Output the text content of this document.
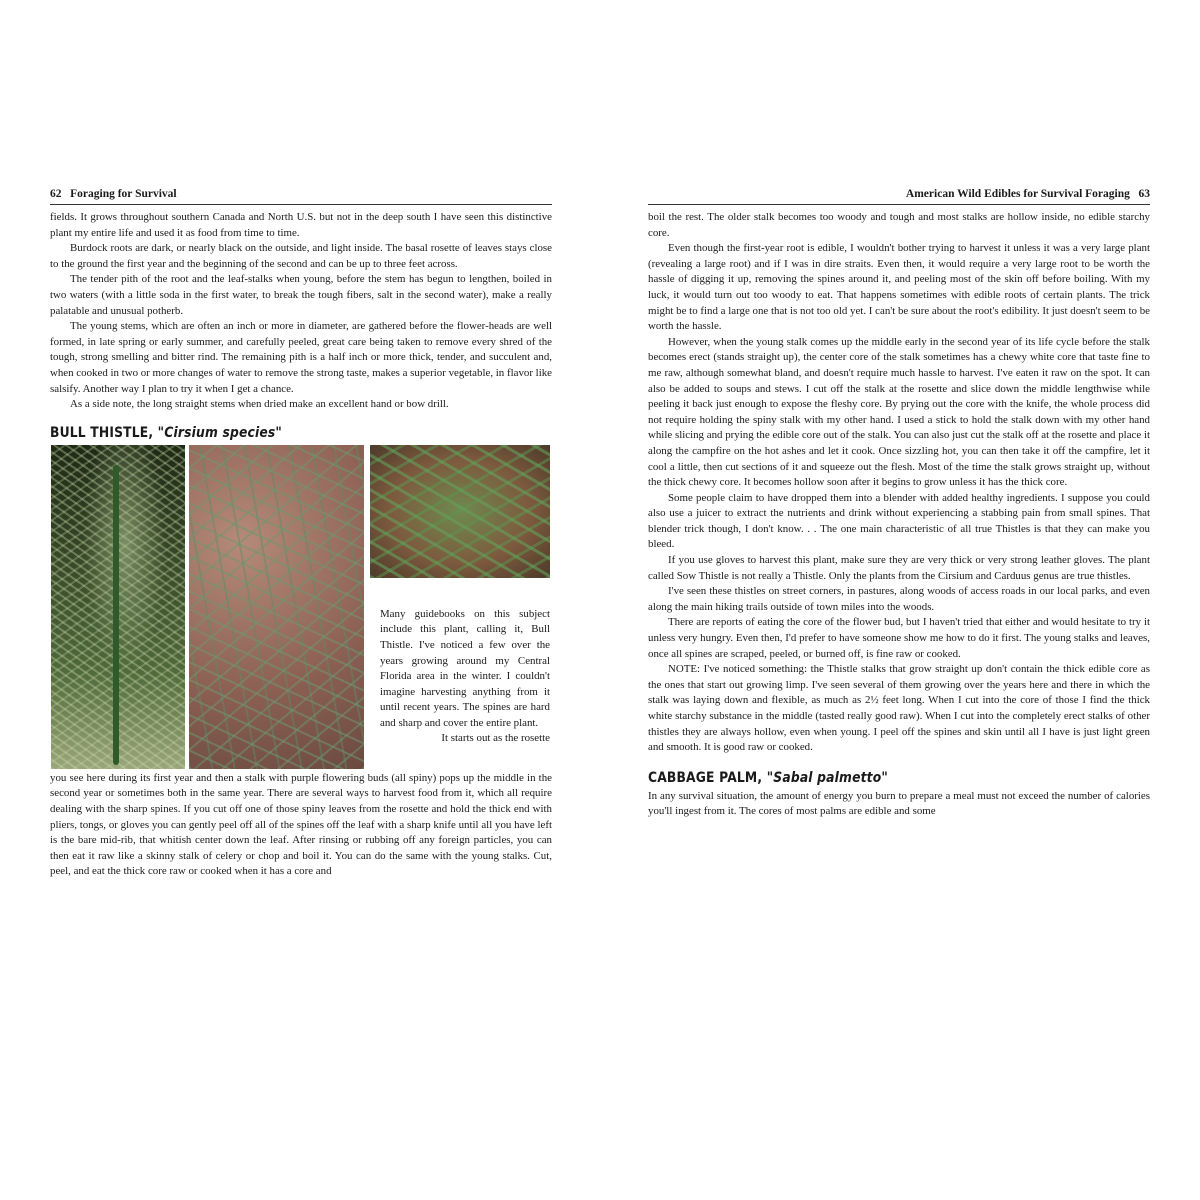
62 Foraging for Survival

fields. It grows throughout southern Canada and North U.S. but not in the deep south I have seen this distinctive plant my entire life and used it as food from time to time.

Burdock roots are dark, or nearly black on the outside, and light inside. The basal rosette of leaves stays close to the ground the first year and the beginning of the second and can be up to three feet across.

The tender pith of the root and the leaf-stalks when young, before the stem has begun to lengthen, boiled in two waters (with a little soda in the first water, to break the tough fibers, salt in the second water), make a really palatable and unusual potherb.

The young stems, which are often an inch or more in diameter, are gathered before the flower-heads are well formed, in late spring or early summer, and carefully peeled, great care being taken to remove every shred of the tough, strong smelling and bitter rind. The remaining pith is a half inch or more thick, tender, and succulent and, when cooked in two or more changes of water to remove the strong taste, makes a superior vegetable, in flavor like salsify. Another way I plan to try it when I get a chance.

As a side note, the long straight stems when dried make an excellent hand or bow drill.

BULL THISTLE, "Cirsium species"

Many guidebooks on this subject include this plant, calling it, Bull Thistle. I've noticed a few over the years growing around my Central Florida area in the winter. I couldn't imagine harvesting anything from it until recent years. The spines are hard and sharp and cover the entire plant.

It starts out as the rosette

you see here during its first year and then a stalk with purple flowering buds (all spiny) pops up the middle in the second year or sometimes both in the same year. There are several ways to harvest food from it, which all require dealing with the sharp spines. If you cut off one of those spiny leaves from the rosette and hold the thick end with pliers, tongs, or gloves you can gently peel off all of the spines off the leaf with a sharp knife until all you have left is the bare mid-rib, that whitish center down the leaf. After rinsing or rubbing off any foreign particles, you can then eat it raw like a skinny stalk of celery or chop and boil it. You can do the same with the young stalks. Cut, peel, and eat the thick core raw or cooked when it has a core and

American Wild Edibles for Survival Foraging 63

boil the rest. The older stalk becomes too woody and tough and most stalks are hollow inside, no edible starchy core.

Even though the first-year root is edible, I wouldn't bother trying to harvest it unless it was a very large plant (revealing a large root) and if I was in dire straits. Even then, it would require a very large root to be worth the hassle of digging it up, removing the spines around it, and peeling most of the skin off before boiling. With my luck, it would turn out too woody to eat. That happens sometimes with edible roots of certain plants. The trick might be to find a large one that is not too old yet. I can't be sure about the root's edibility. It just doesn't seem to be worth the hassle.

However, when the young stalk comes up the middle early in the second year of its life cycle before the stalk becomes erect (stands straight up), the center core of the stalk sometimes has a chewy white core that taste fine to me raw, although somewhat bland, and doesn't require much hassle to harvest. I've eaten it raw on the spot. It can also be added to soups and stews. I cut off the stalk at the rosette and slice down the middle lengthwise while peeling it back just enough to expose the fleshy core. By prying out the core with the knife, the whole process did not require holding the spiny stalk with my other hand. I used a stick to hold the stalk down with my other hand while slicing and prying the edible core out of the stalk. You can also just cut the stalk off at the rosette and place it along the campfire on the hot ashes and let it cook. Once sizzling hot, you can then take it off the campfire, let it cool a little, then cut sections of it and squeeze out the flesh. Most of the time the stalk grows straight up, without the thick chewy core. It becomes hollow soon after it begins to grow unless it has the thick core.

Some people claim to have dropped them into a blender with added healthy ingredients. I suppose you could also use a juicer to extract the nutrients and drink without experiencing a stabbing pain from small spines. That blender trick though, I don't know. . . The one main characteristic of all true Thistles is that they can make you bleed.

If you use gloves to harvest this plant, make sure they are very thick or very strong leather gloves. The plant called Sow Thistle is not really a Thistle. Only the plants from the Cirsium and Carduus genus are true thistles.

I've seen these thistles on street corners, in pastures, along woods of access roads in our local parks, and even along the main hiking trails outside of town miles into the woods.

There are reports of eating the core of the flower bud, but I haven't tried that either and would hesitate to try it unless very hungry. Even then, I'd prefer to have someone show me how to do it first. The young stalks and leaves, once all spines are scraped, peeled, or burned off, is fine raw or cooked.

NOTE: I've noticed something: the Thistle stalks that grow straight up don't contain the thick edible core as the ones that start out growing limp. I've seen several of them growing over the years here and there in which the stalk was laying down and flexible, as much as 2½ feet long. When I cut into the core of those I find the thick white starchy substance in the middle (tasted really good raw). When I cut into the completely erect stalks of other thistles they are always hollow, even when young. I peel off the spines and skin until all I have is just light green and smooth. It is good raw or cooked.

CABBAGE PALM, "Sabal palmetto"

In any survival situation, the amount of energy you burn to prepare a meal must not exceed the number of calories you'll ingest from it. The cores of most palms are edible and some
